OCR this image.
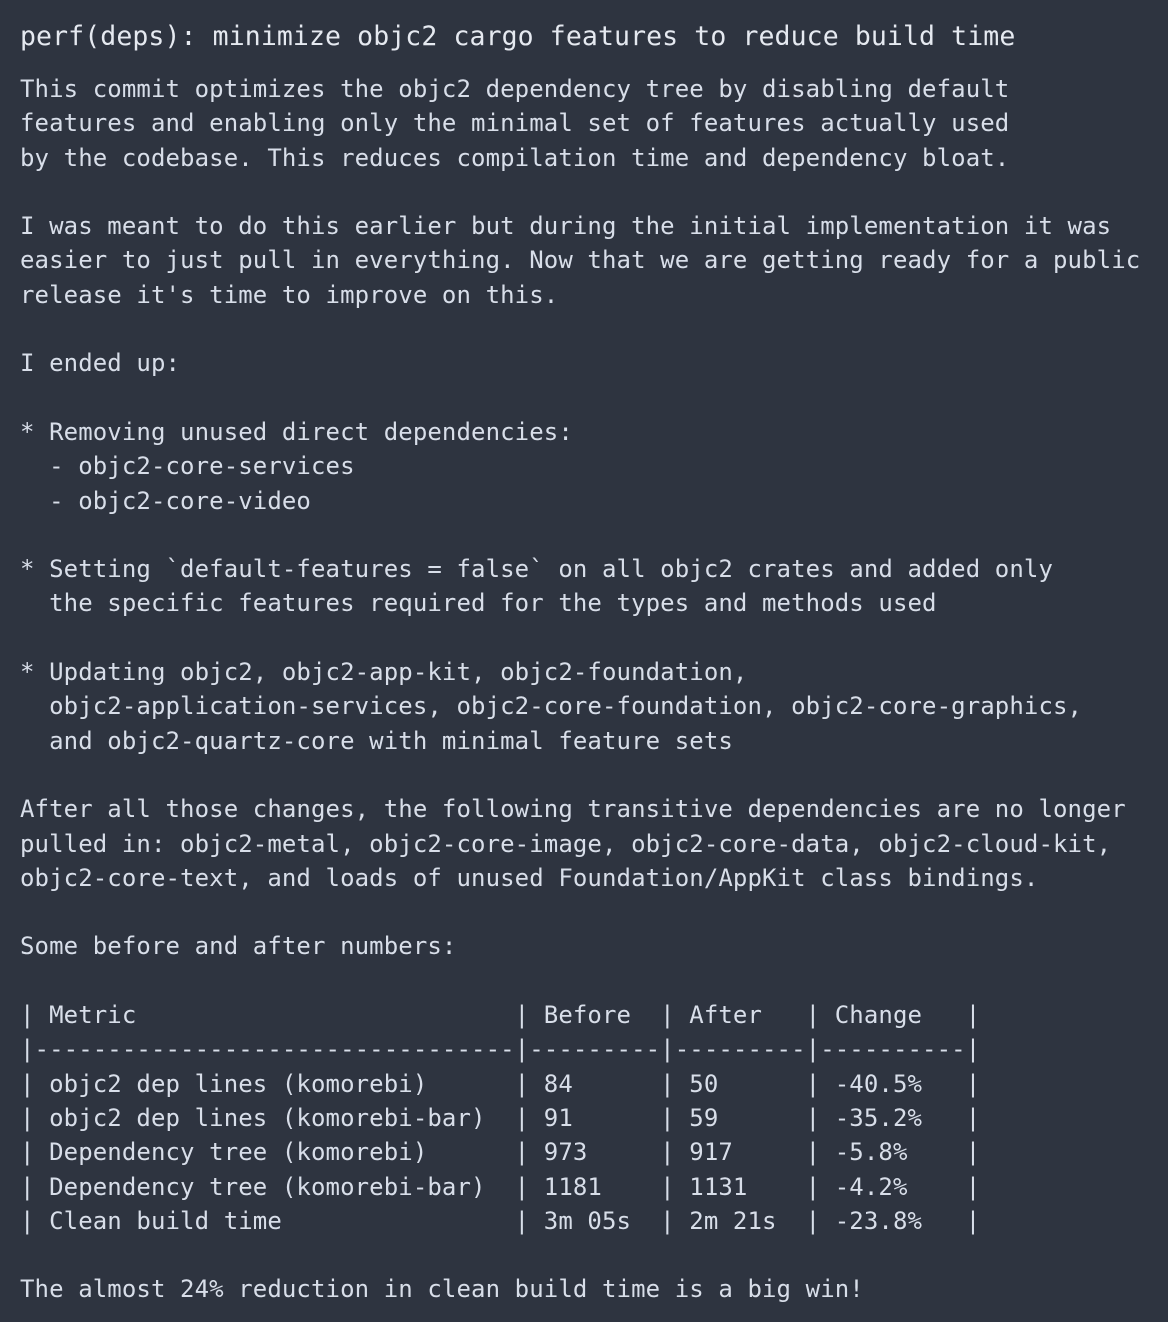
perf(deps): minimize objc2 cargo features to reduce build time
This commit optimizes the objc2 dependency tree by disabling default
features and enabling only the minimal set of features actually used
by the codebase. This reduces compilation time and dependency bloat.
I was meant to do this earlier but during the initial implementation it was
easier to just pull in everything. Now that we are getting ready for a public
release it's time to improve on this.
I ended up:
* Removing unused direct dependencies:
- objc2-core-services
- objc2-core-video
* Setting `default-features = false` on all objc2 crates and added only
the specific features required for the types and methods used
* Updating objc2, objc2-app-kit, objc2-foundation,
objc2-application-services, objc2-core-foundation, objc2-core-graphics,
and objc2-quartz-core with minimal feature sets
After all those changes, the following transitive dependencies are no longer
pulled in: objc2-metal, objc2-core-image, objc2-core-data, objc2-cloud-kit,
objc2-core-text, and loads of unused Foundation/AppKit class bindings.
Some before and after numbers:
| Metric                          | Before  | After   | Change   |
|---------------------------------|---------|---------|----------|
| objc2 dep lines (komorebi)      | 84      | 50      | -40.5%   |
| objc2 dep lines (komorebi-bar)  | 91      | 59      | -35.2%   |
| Dependency tree (komorebi)      | 973     | 917     | -5.8%    |
| Dependency tree (komorebi-bar)  | 1181    | 1131    | -4.2%    |
| Clean build time                | 3m 05s  | 2m 21s  | -23.8%   |
The almost 24% reduction in clean build time is a big win!
